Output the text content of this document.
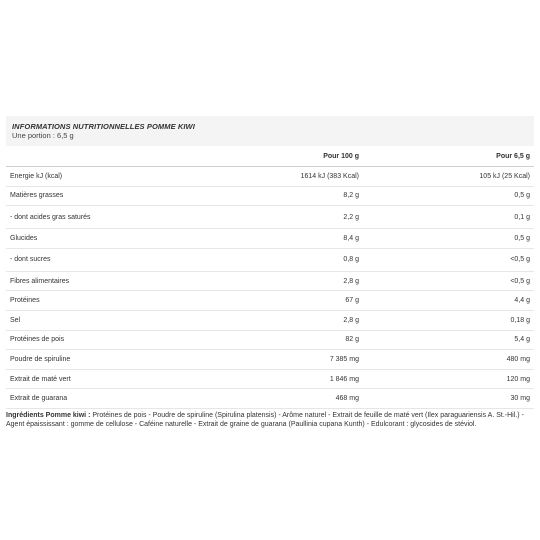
INFORMATIONS NUTRITIONNELLES POMME KIWI
Une portion : 6,5 g
	Pour 100 g	Pour 6,5 g
Energie kJ (kcal)	1614 kJ (383 Kcal)	105 kJ (25 Kcal)
Matières grasses	8,2 g	0,5 g
- dont acides gras saturés	2,2 g	0,1 g
Glucides	8,4 g	0,5 g
- dont sucres	0,8 g	<0,5 g
Fibres alimentaires	2,8 g	<0,5 g
Protéines	67 g	4,4 g
Sel	2,8 g	0,18 g
Protéines de pois	82 g	5,4 g
Poudre de spiruline	7 385 mg	480 mg
Extrait de maté vert	1 846 mg	120 mg
Extrait de guarana	468 mg	30 mg
Ingrédients Pomme kiwi : Protéines de pois - Poudre de spiruline (Spirulina platensis) - Arôme naturel - Extrait de feuille de maté vert (Ilex paraguariensis A. St.-Hil.) - Agent épaississant : gomme de cellulose - Caféine naturelle - Extrait de graine de guarana (Paullinia cupana Kunth) - Edulcorant : glycosides de stéviol.
